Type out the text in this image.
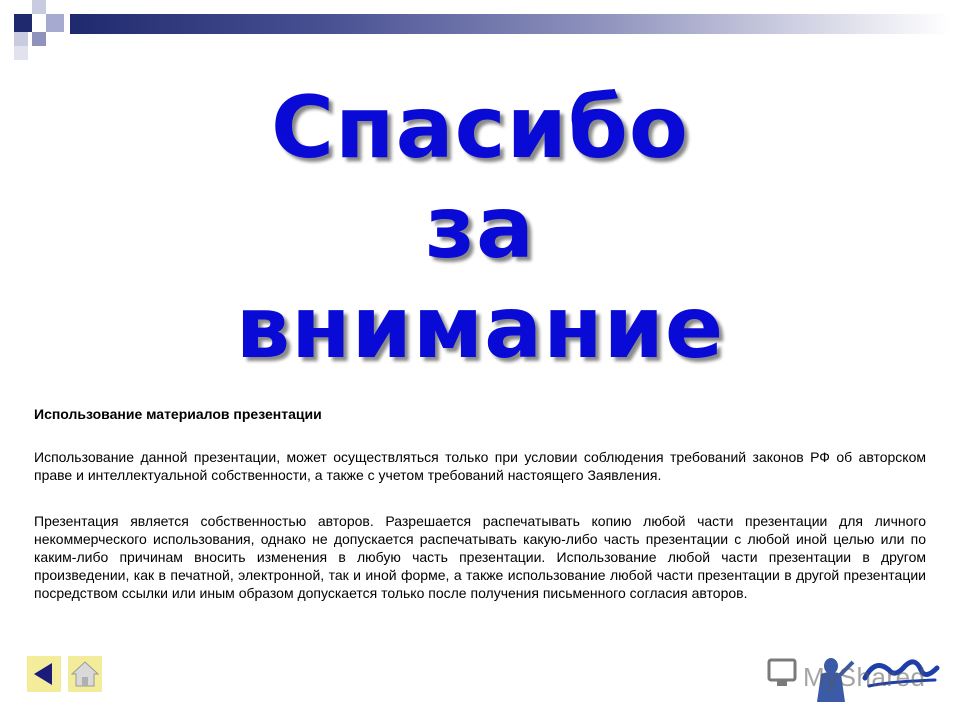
Спасибо
за
внимание
Использование материалов презентации
Использование данной презентации, может осуществляться только при условии соблюдения требований законов РФ об авторском праве и интеллектуальной собственности, а также с учетом требований настоящего Заявления.
Презентация является собственностью авторов. Разрешается распечатывать копию любой части презентации для личного некоммерческого использования, однако не допускается распечатывать какую-либо часть презентации с любой иной целью или по каким-либо причинам вносить изменения в любую часть презентации. Использование любой части презентации в другом произведении, как в печатной, электронной, так и иной форме, а также использование любой части презентации в другой презентации посредством ссылки или иным образом допускается только после получения письменного согласия авторов.
MyShared
